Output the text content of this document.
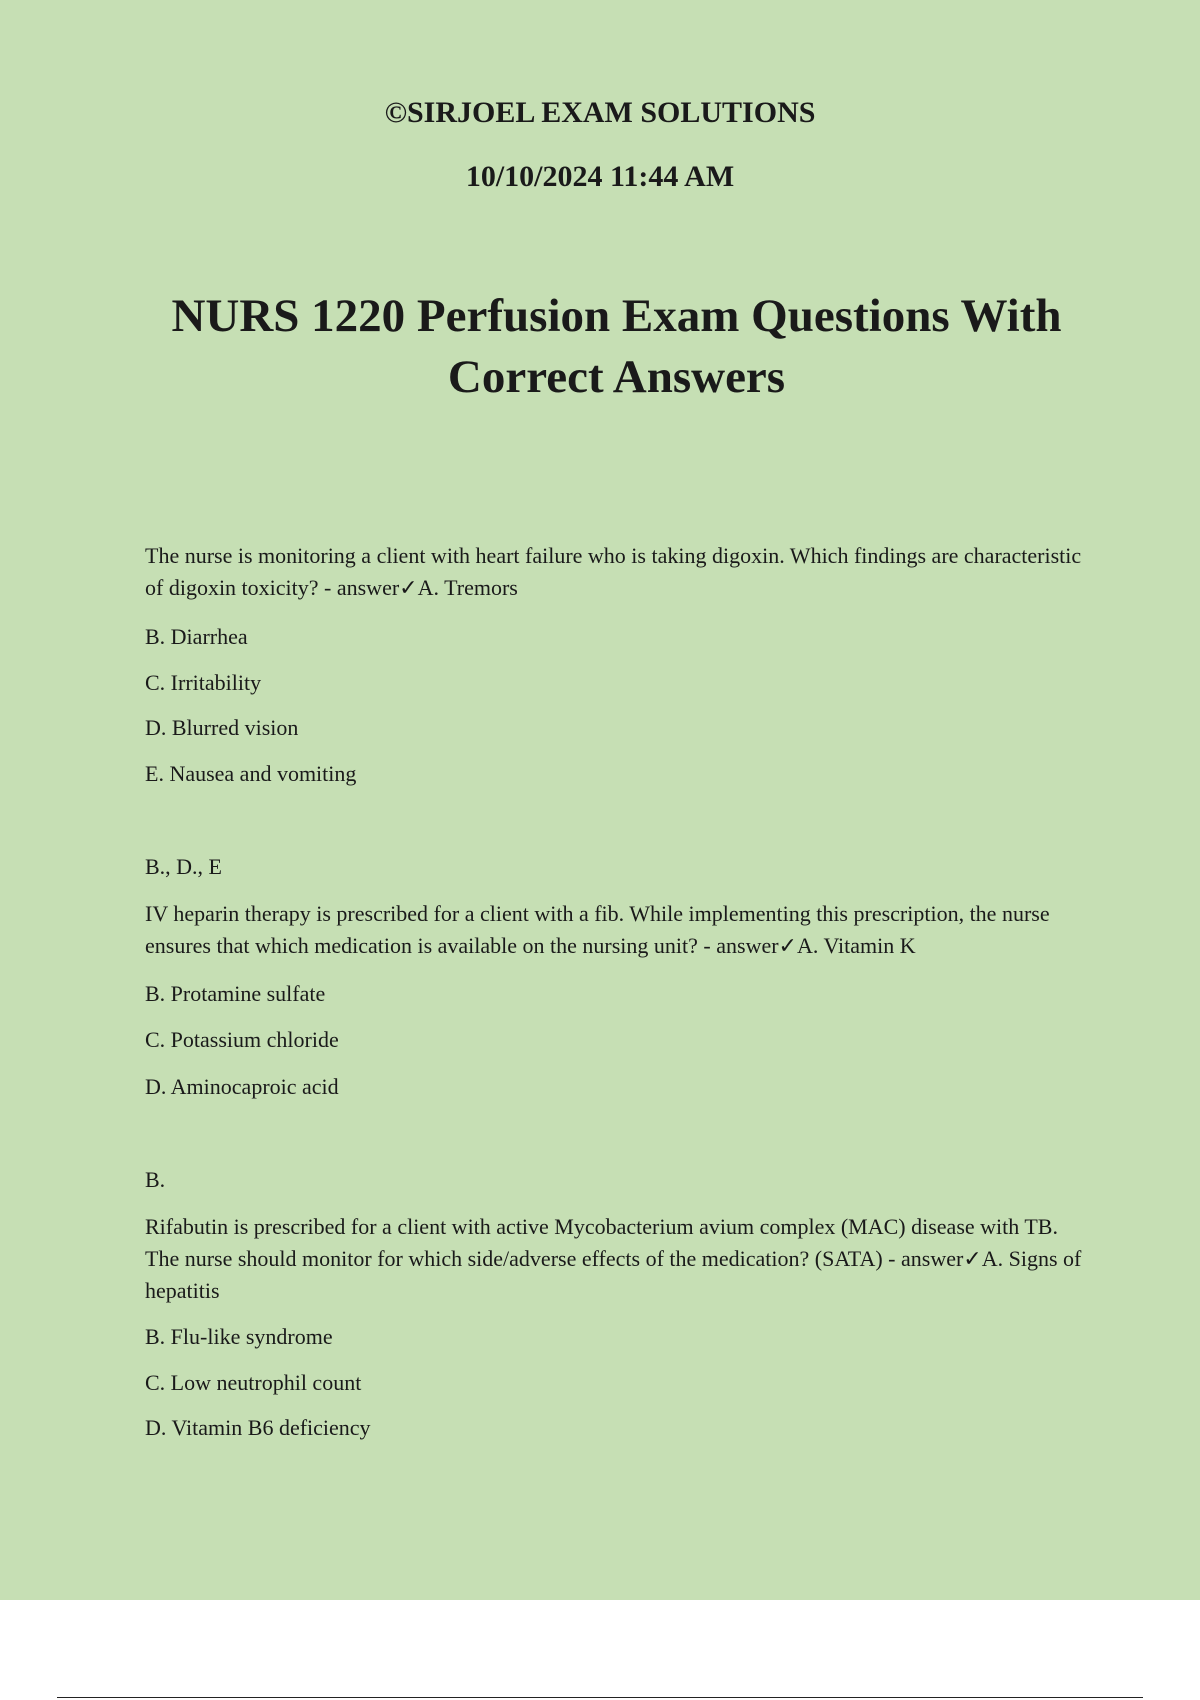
©SIRJOEL EXAM SOLUTIONS

10/10/2024 11:44 AM

NURS 1220 Perfusion Exam Questions With Correct Answers

The nurse is monitoring a client with heart failure who is taking digoxin. Which findings are characteristic of digoxin toxicity? - answer✓A. Tremors

B. Diarrhea

C. Irritability

D. Blurred vision

E. Nausea and vomiting

B., D., E

IV heparin therapy is prescribed for a client with a fib. While implementing this prescription, the nurse ensures that which medication is available on the nursing unit? - answer✓A. Vitamin K

B. Protamine sulfate

C. Potassium chloride

D. Aminocaproic acid

B.

Rifabutin is prescribed for a client with active Mycobacterium avium complex (MAC) disease with TB. The nurse should monitor for which side/adverse effects of the medication? (SATA) - answer✓A. Signs of hepatitis

B. Flu-like syndrome

C. Low neutrophil count

D. Vitamin B6 deficiency
